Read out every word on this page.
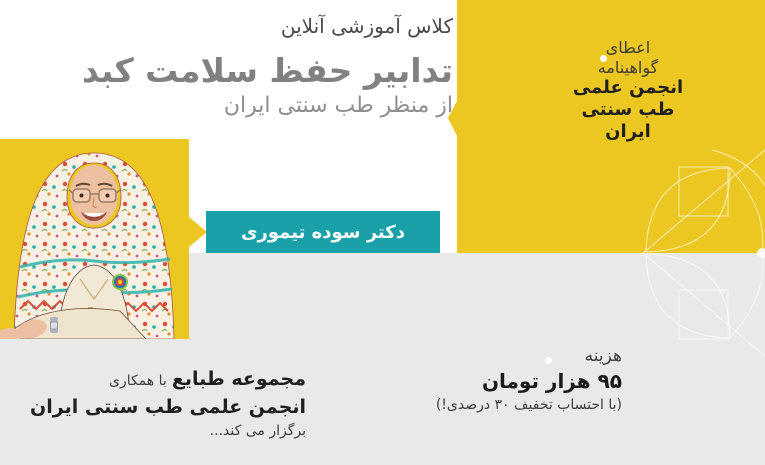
دکتر سوده تیموری
کلاس آموزشی آنلاین
تدابیر حفظ سلامت کبد
از منظر طب سنتی ایران
اعطای
گواهینامه
انجمن علمی
طب سنتی ایران
هزینه
۹۵ هزار تومان
(با احتساب تخفیف ۳۰ درصدی!)
مجموعه طبایع با همکاری
انجمن علمی طب سنتی ایران
برگزار می کند...
